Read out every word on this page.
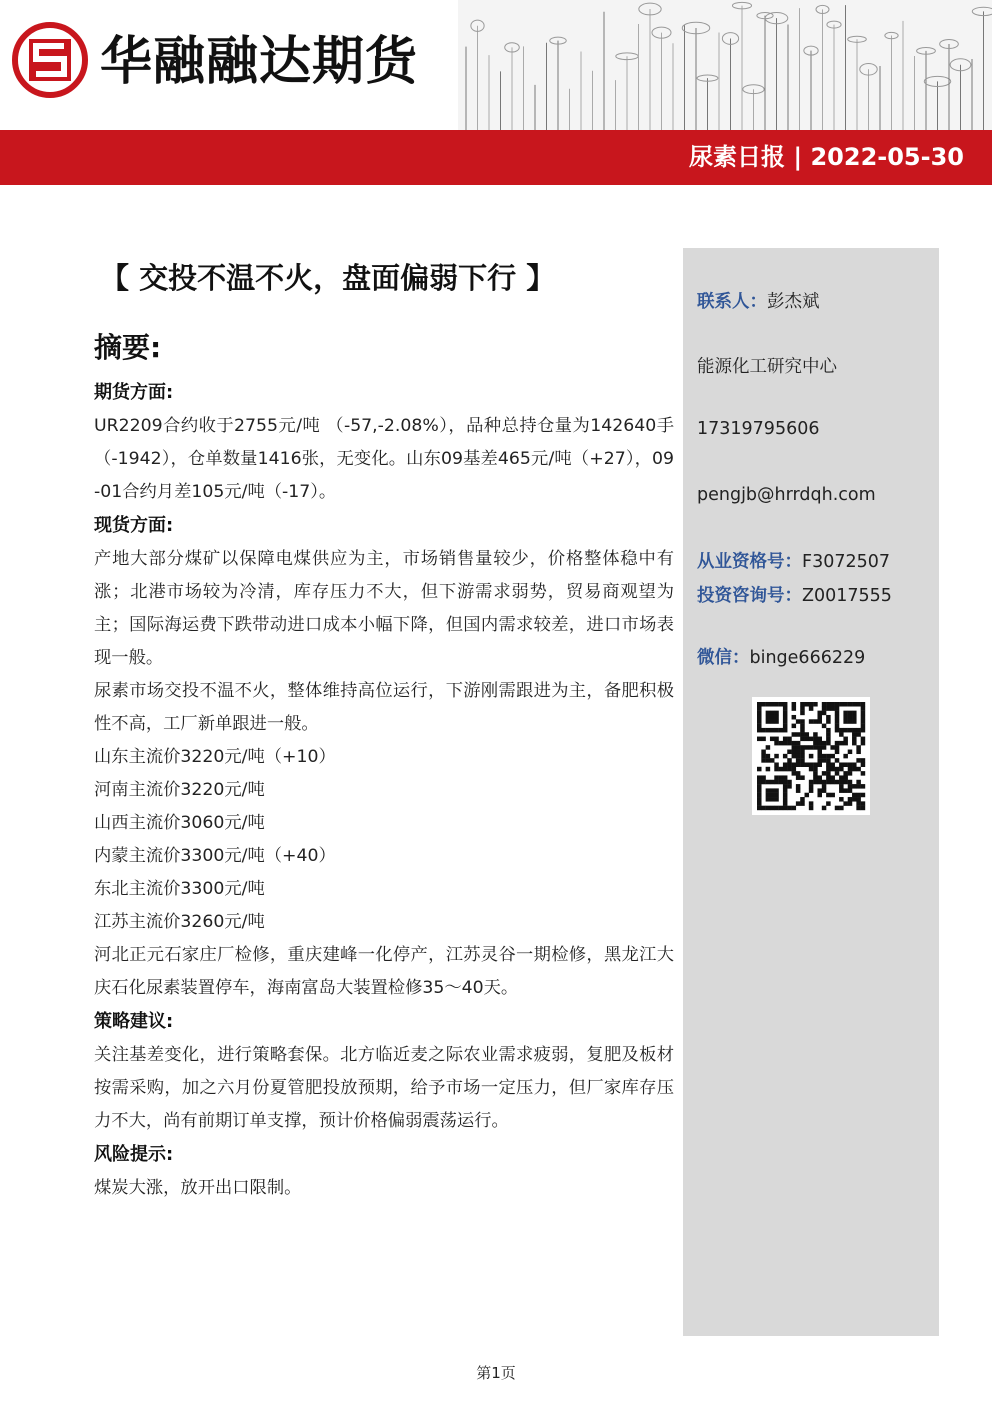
华融融达期货
尿素日报 | 2022-05-30
【 交投不温不火，盘面偏弱下行 】
摘要:
期货方面:

UR2209合约收于2755元/吨 （-57,-2.08%），品种总持仓量为142640手（-1942），仓单数量1416张，无变化。山东09基差465元/吨（+27），09-01合约月差105元/吨（-17）。

现货方面:

产地大部分煤矿以保障电煤供应为主，市场销售量较少，价格整体稳中有涨；北港市场较为冷清，库存压力不大，但下游需求弱势，贸易商观望为主；国际海运费下跌带动进口成本小幅下降，但国内需求较差，进口市场表现一般。

尿素市场交投不温不火，整体维持高位运行，下游刚需跟进为主，备肥积极性不高，工厂新单跟进一般。

山东主流价3220元/吨（+10）
河南主流价3220元/吨
山西主流价3060元/吨
内蒙主流价3300元/吨（+40）
东北主流价3300元/吨
江苏主流价3260元/吨

河北正元石家庄厂检修，重庆建峰一化停产，江苏灵谷一期检修，黑龙江大庆石化尿素装置停车，海南富岛大装置检修35～40天。

策略建议:

关注基差变化，进行策略套保。北方临近麦之际农业需求疲弱，复肥及板材按需采购，加之六月份夏管肥投放预期，给予市场一定压力，但厂家库存压力不大，尚有前期订单支撑，预计价格偏弱震荡运行。

风险提示:

煤炭大涨，放开出口限制。

联系人：彭杰斌
能源化工研究中心
17319795606
pengjb@hrrdqh.com
从业资格号：F3072507
投资咨询号：Z0017555
微信：binge666229
第1页
